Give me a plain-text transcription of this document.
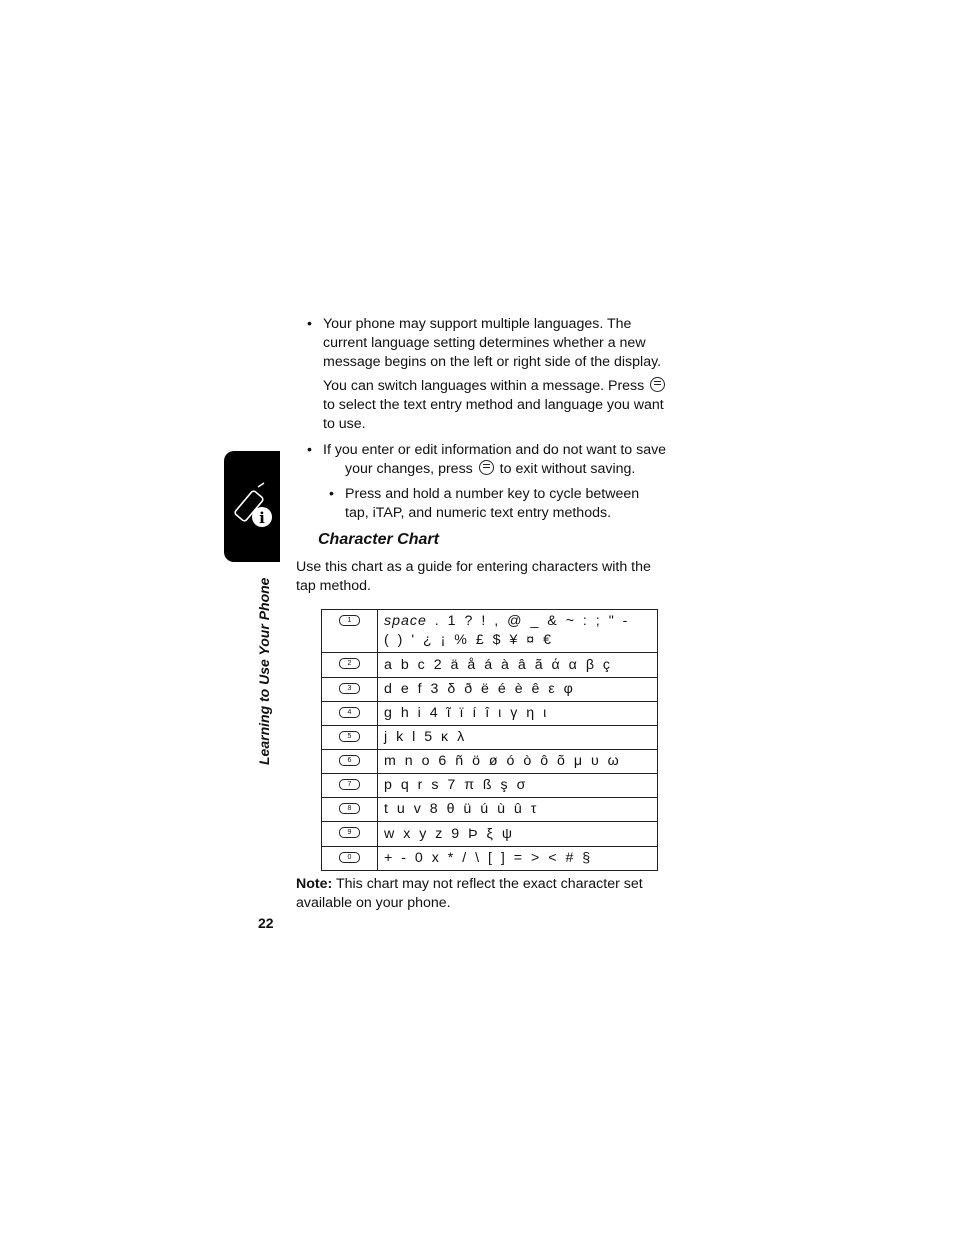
i
Learning to Use Your Phone
• Your phone may support multiple languages. The
current language setting determines whether a new
message begins on the left or right side of the display.
You can switch languages within a message. Press
to select the text entry method and language you want
to use.
• If you enter or edit information and do not want to save
your changes, press to exit without saving.
• Press and hold a number key to cycle between
tap, iTAP, and numeric text entry methods.
Character Chart
Use this chart as a guide for entering characters with the
tap method.
1	space . 1 ? ! , @ _ & ~ : ; " -
( ) ' ¿ ¡ % £ $ ¥ ¤ €

2	a b c 2 ä å á à â ã ά α β ç
3	d e f 3 δ ð ë é è ê ε φ
4	g h i 4 ĩ ï í î ι γ η ι
5	j k l 5 κ λ
6	m n o 6 ñ ö ø ó ò ô õ μ υ ω
7	p q r s 7 π ß ş σ
8	t u v 8 θ ü ú ù û τ
9	w x y z 9 Þ ξ ψ
0	+ - 0 x * / \ [ ] = > < # §
Note: This chart may not reflect the exact character set
available on your phone.
22
